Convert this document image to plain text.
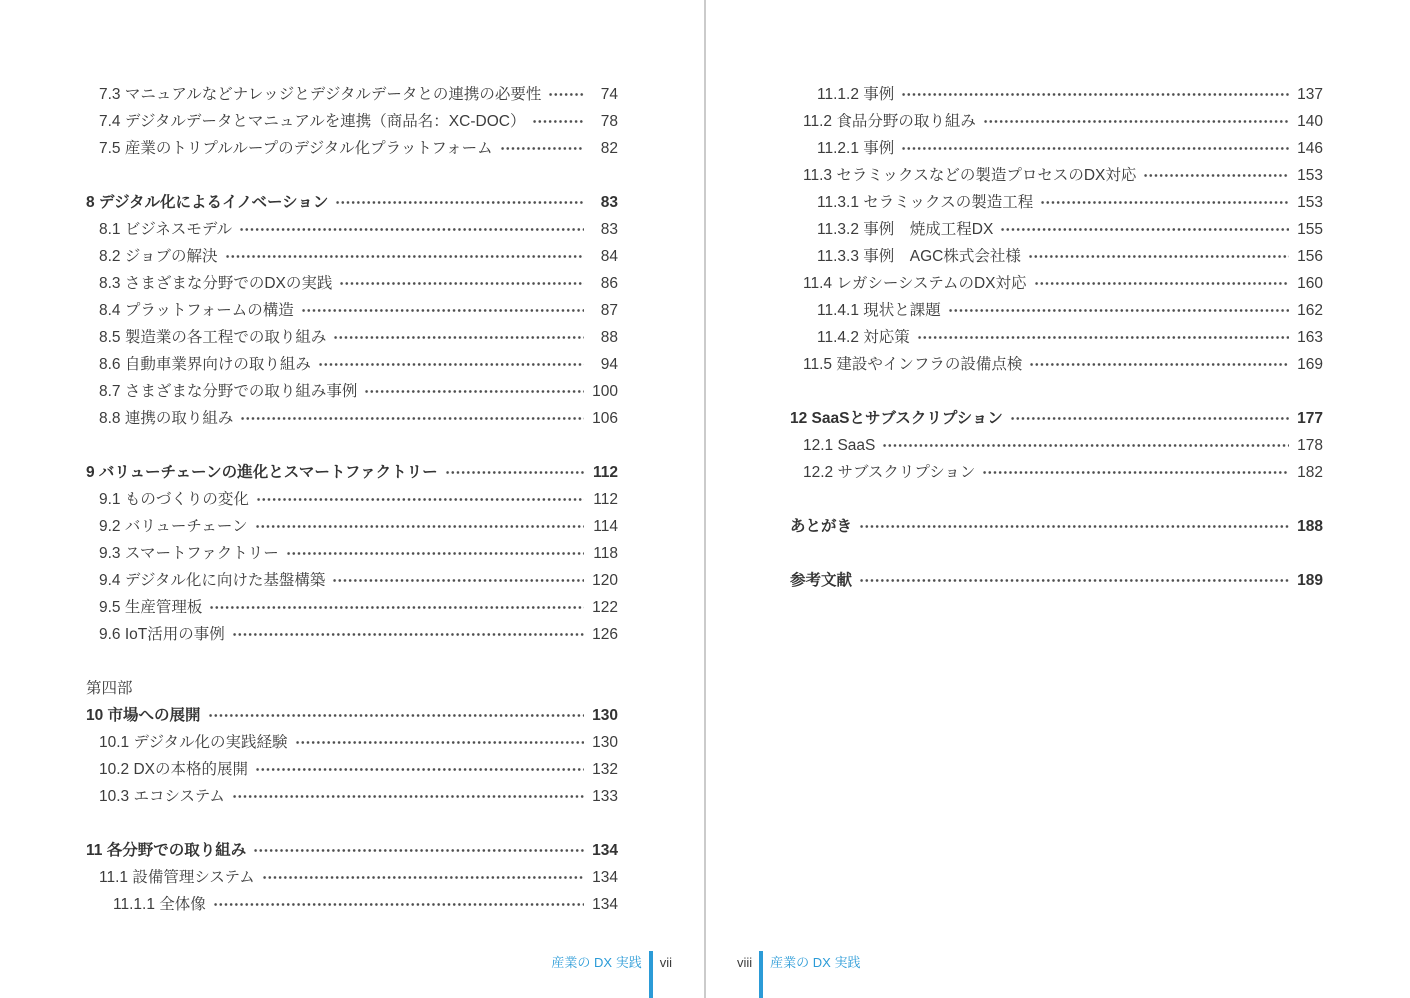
7.3 マニュアルなどナレッジとデジタルデータとの連携の必要性	74
7.4 デジタルデータとマニュアルを連携（商品名：XC-DOC）	78
7.5 産業のトリプルループのデジタル化プラットフォーム	82
8 デジタル化によるイノベーション	83
8.1 ビジネスモデル	83
8.2 ジョブの解決	84
8.3 さまざまな分野でのDXの実践	86
8.4 プラットフォームの構造	87
8.5 製造業の各工程での取り組み	88
8.6 自動車業界向けの取り組み	94
8.7 さまざまな分野での取り組み事例	100
8.8 連携の取り組み	106
9 バリューチェーンの進化とスマートファクトリー	112
9.1 ものづくりの変化	112
9.2 バリューチェーン	114
9.3 スマートファクトリー	118
9.4 デジタル化に向けた基盤構築	120
9.5 生産管理板	122
9.6 IoT活用の事例	126
第四部
10 市場への展開	130
10.1 デジタル化の実践経験	130
10.2 DXの本格的展開	132
10.3 エコシステム	133
11 各分野での取り組み	134
11.1 設備管理システム	134
11.1.1 全体像	134
11.1.2 事例	137
11.2 食品分野の取り組み	140
11.2.1 事例	146
11.3 セラミックスなどの製造プロセスのDX対応	153
11.3.1 セラミックスの製造工程	153
11.3.2 事例　焼成工程DX	155
11.3.3 事例　AGC株式会社様	156
11.4 レガシーシステムのDX対応	160
11.4.1 現状と課題	162
11.4.2 対応策	163
11.5 建設やインフラの設備点検	169
12 SaaSとサブスクリプション	177
12.1 SaaS	178
12.2 サブスクリプション	182
あとがき	188
参考文献	189
産業の DX 実践 vii	viii 産業の DX 実践
